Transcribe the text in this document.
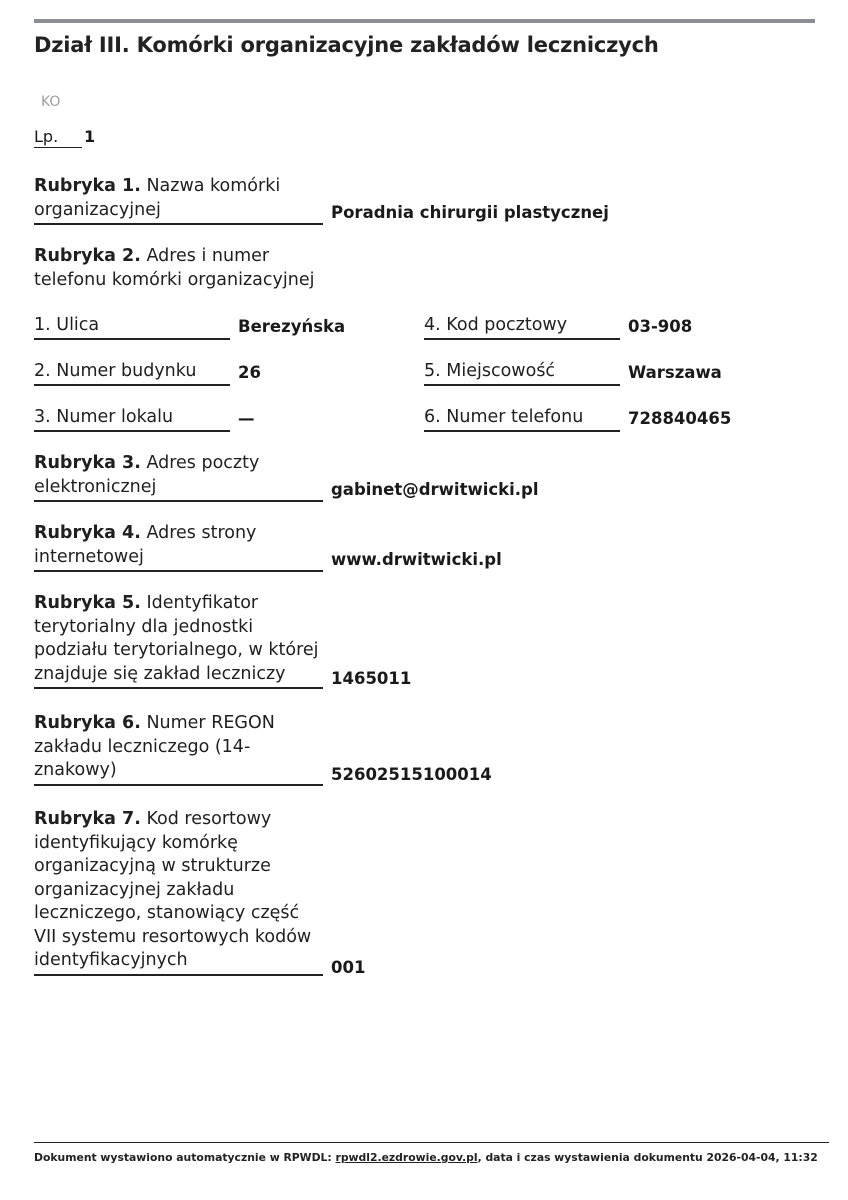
Dział III. Komórki organizacyjne zakładów leczniczych
KO
Lp.	1
Rubryka 1. Nazwa komórki organizacyjnej	Poradnia chirurgii plastycznej
Rubryka 2. Adres i numer telefonu komórki organizacyjnej
1. Ulica	Berezyńska	4. Kod pocztowy	03-908
2. Numer budynku	26	5. Miejscowość	Warszawa
3. Numer lokalu	—	6. Numer telefonu	728840465
Rubryka 3. Adres poczty elektronicznej	gabinet@drwitwicki.pl
Rubryka 4. Adres strony internetowej	www.drwitwicki.pl
Rubryka 5. Identyfikator terytorialny dla jednostki podziału terytorialnego, w której znajduje się zakład leczniczy	1465011
Rubryka 6. Numer REGON zakładu leczniczego (14-znakowy)	52602515100014
Rubryka 7. Kod resortowy identyfikujący komórkę organizacyjną w strukturze organizacyjnej zakładu leczniczego, stanowiący część VII systemu resortowych kodów identyfikacyjnych	001
Dokument wystawiono automatycznie w RPWDL: rpwdl2.ezdrowie.gov.pl, data i czas wystawienia dokumentu 2026-04-04, 11:32
